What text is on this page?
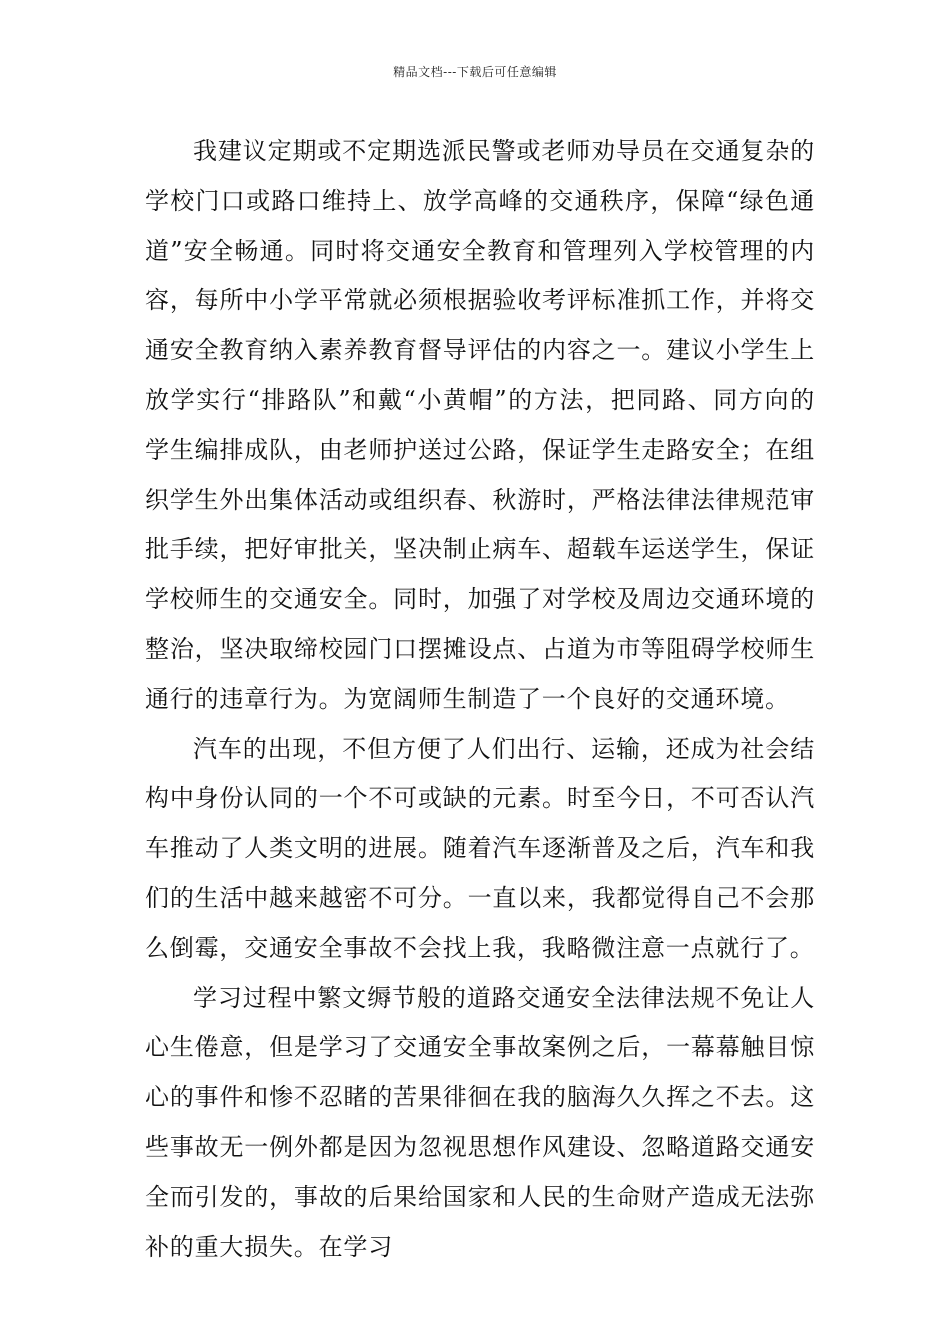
精品文档---下载后可任意编辑

我建议定期或不定期选派民警或老师劝导员在交通复杂的学校门口或路口维持上、放学高峰的交通秩序，保障“绿色通道”安全畅通。同时将交通安全教育和管理列入学校管理的内容，每所中小学平常就必须根据验收考评标准抓工作，并将交通安全教育纳入素养教育督导评估的内容之一。建议小学生上放学实行“排路队”和戴“小黄帽”的方法，把同路、同方向的学生编排成队，由老师护送过公路，保证学生走路安全；在组织学生外出集体活动或组织春、秋游时，严格法律法律规范审批手续，把好审批关，坚决制止病车、超载车运送学生，保证学校师生的交通安全。同时，加强了对学校及周边交通环境的整治，坚决取缔校园门口摆摊设点、占道为市等阻碍学校师生通行的违章行为。为宽阔师生制造了一个良好的交通环境。

汽车的出现，不但方便了人们出行、运输，还成为社会结构中身份认同的一个不可或缺的元素。时至今日，不可否认汽车推动了人类文明的进展。随着汽车逐渐普及之后，汽车和我们的生活中越来越密不可分。一直以来，我都觉得自己不会那么倒霉，交通安全事故不会找上我，我略微注意一点就行了。

学习过程中繁文缛节般的道路交通安全法律法规不免让人心生倦意，但是学习了交通安全事故案例之后，一幕幕触目惊心的事件和惨不忍睹的苦果徘徊在我的脑海久久挥之不去。这些事故无一例外都是因为忽视思想作风建设、忽略道路交通安全而引发的，事故的后果给国家和人民的生命财产造成无法弥补的重大损失。在学习
